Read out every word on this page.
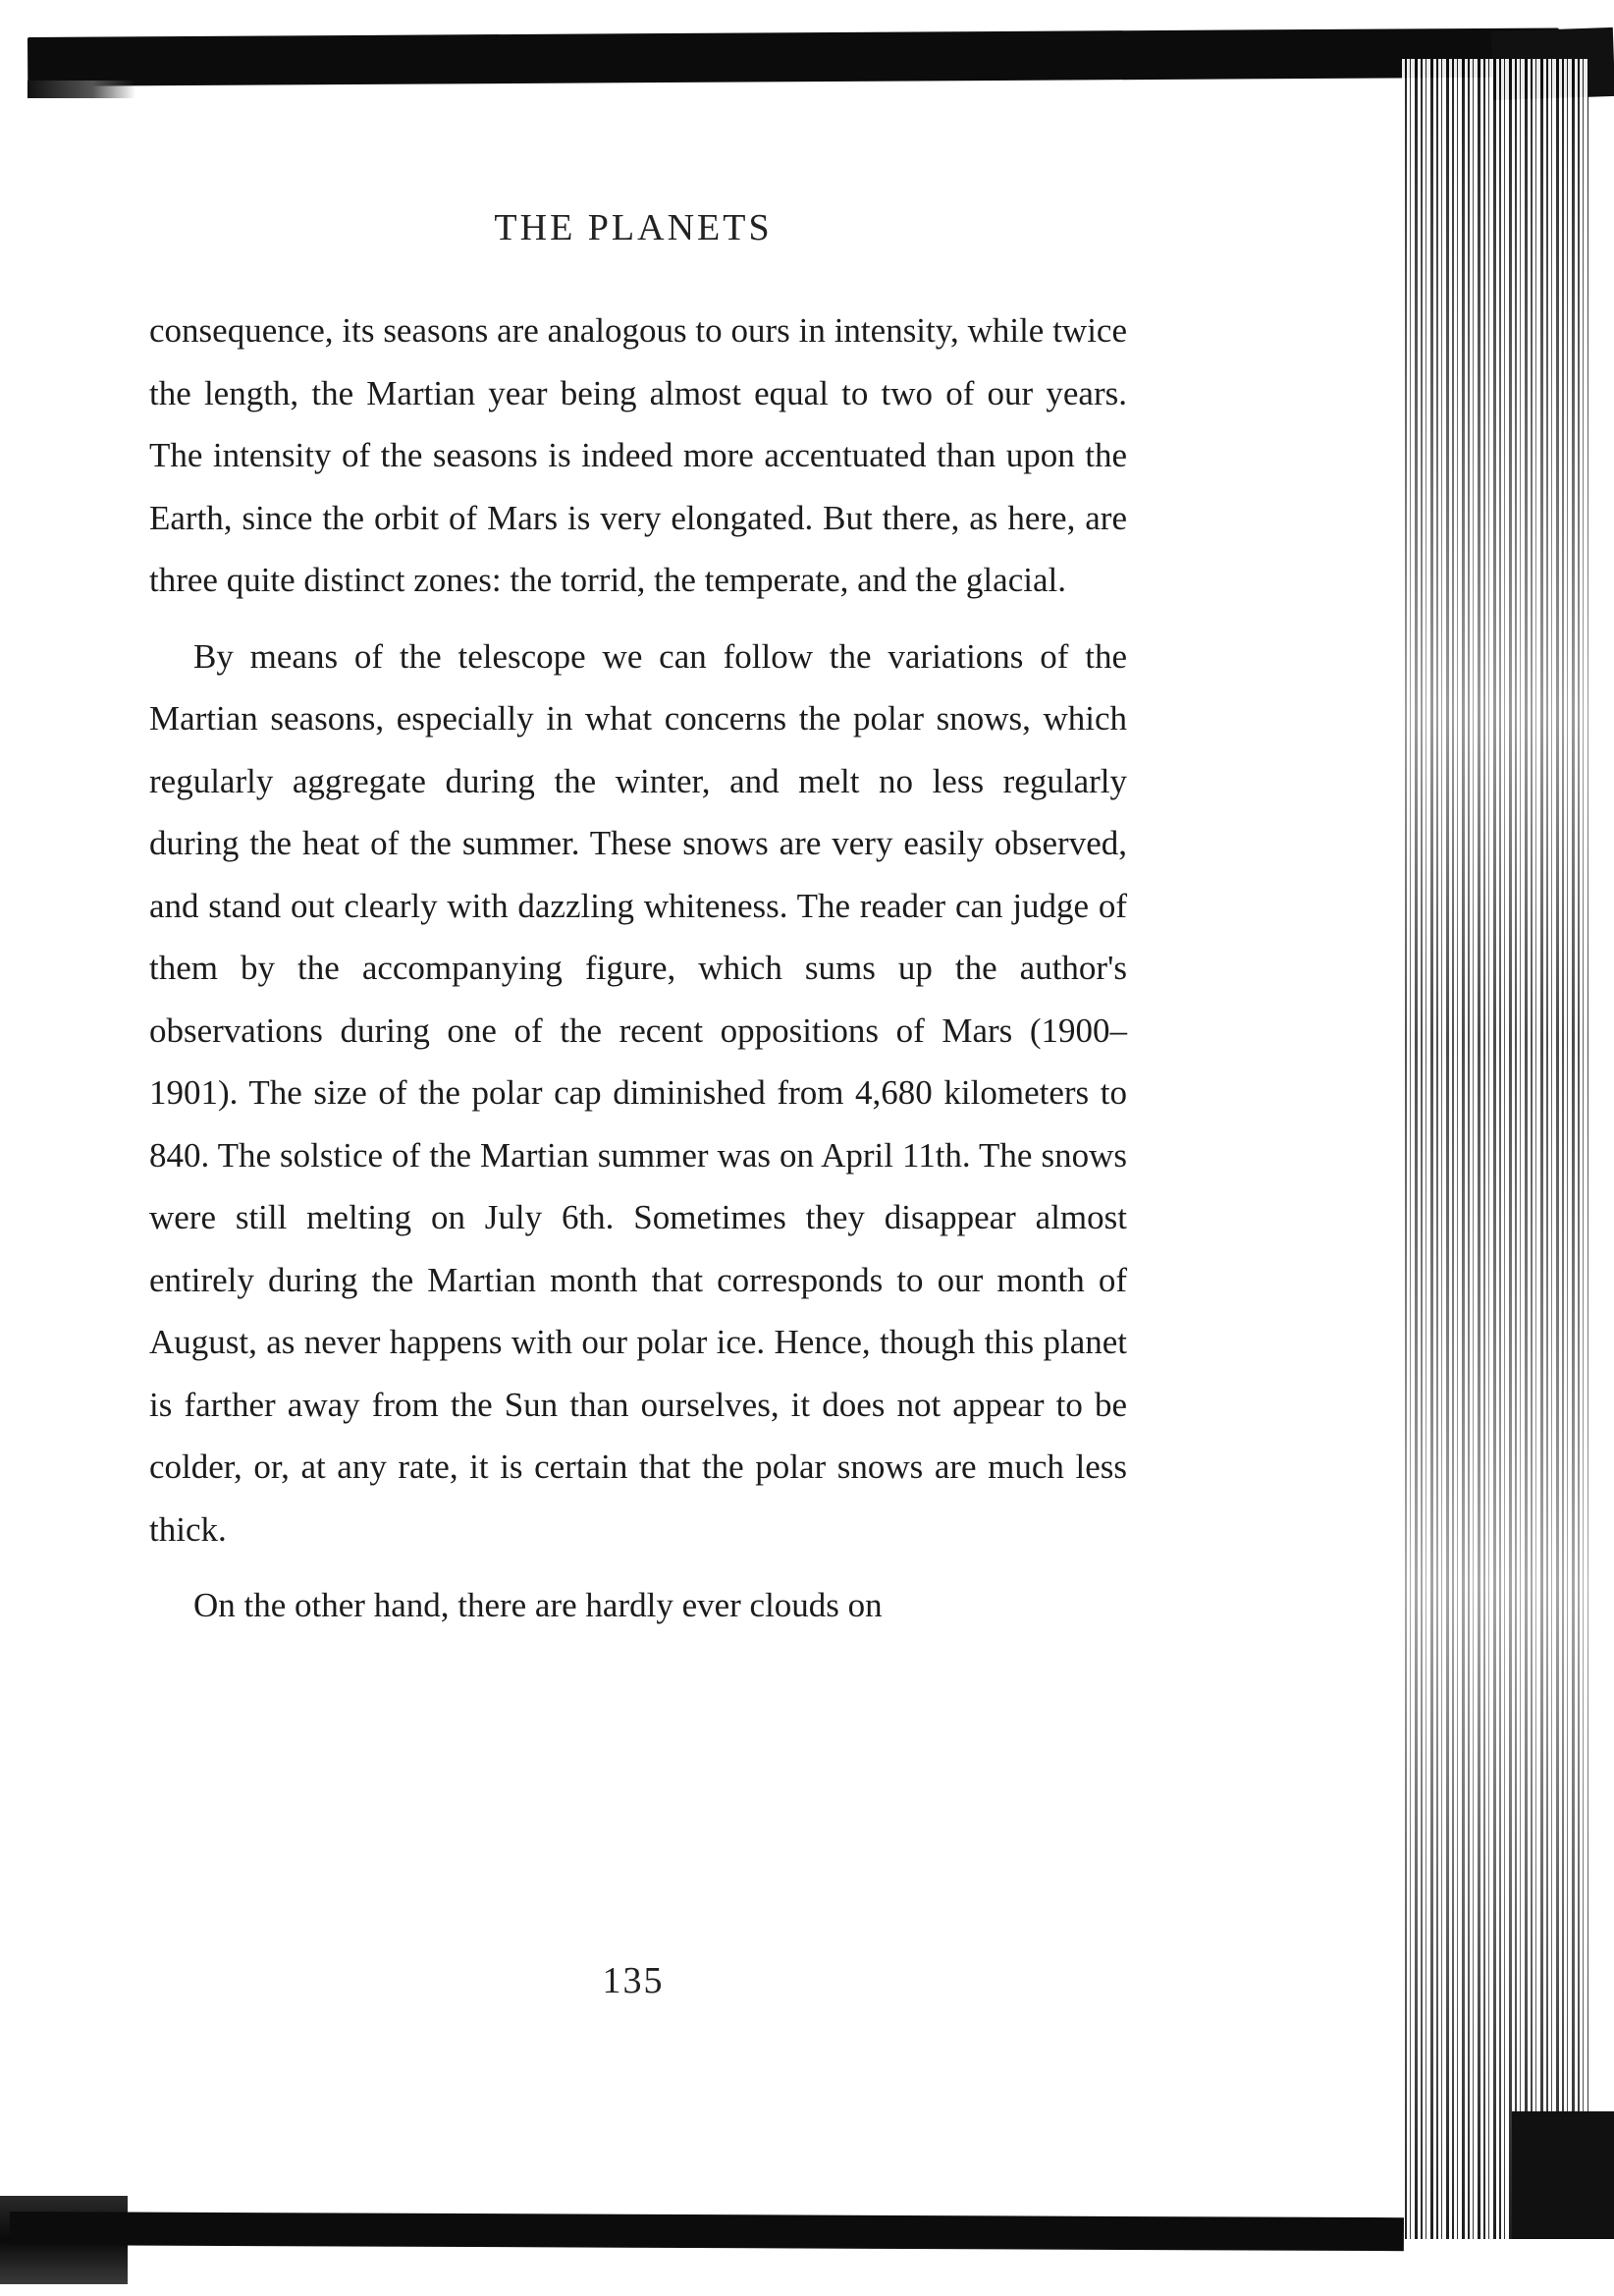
THE PLANETS

consequence, its seasons are analogous to ours in intensity, while twice the length, the Martian year being almost equal to two of our years. The intensity of the seasons is indeed more accentuated than upon the Earth, since the orbit of Mars is very elongated. But there, as here, are three quite distinct zones: the torrid, the temperate, and the glacial.

By means of the telescope we can follow the variations of the Martian seasons, especially in what concerns the polar snows, which regularly aggregate during the winter, and melt no less regularly during the heat of the summer. These snows are very easily observed, and stand out clearly with dazzling whiteness. The reader can judge of them by the accompanying figure, which sums up the author's observations during one of the recent oppositions of Mars (1900–1901). The size of the polar cap diminished from 4,680 kilometers to 840. The solstice of the Martian summer was on April 11th. The snows were still melting on July 6th. Sometimes they disappear almost entirely during the Martian month that corresponds to our month of August, as never happens with our polar ice. Hence, though this planet is farther away from the Sun than ourselves, it does not appear to be colder, or, at any rate, it is certain that the polar snows are much less thick.

On the other hand, there are hardly ever clouds on

135
